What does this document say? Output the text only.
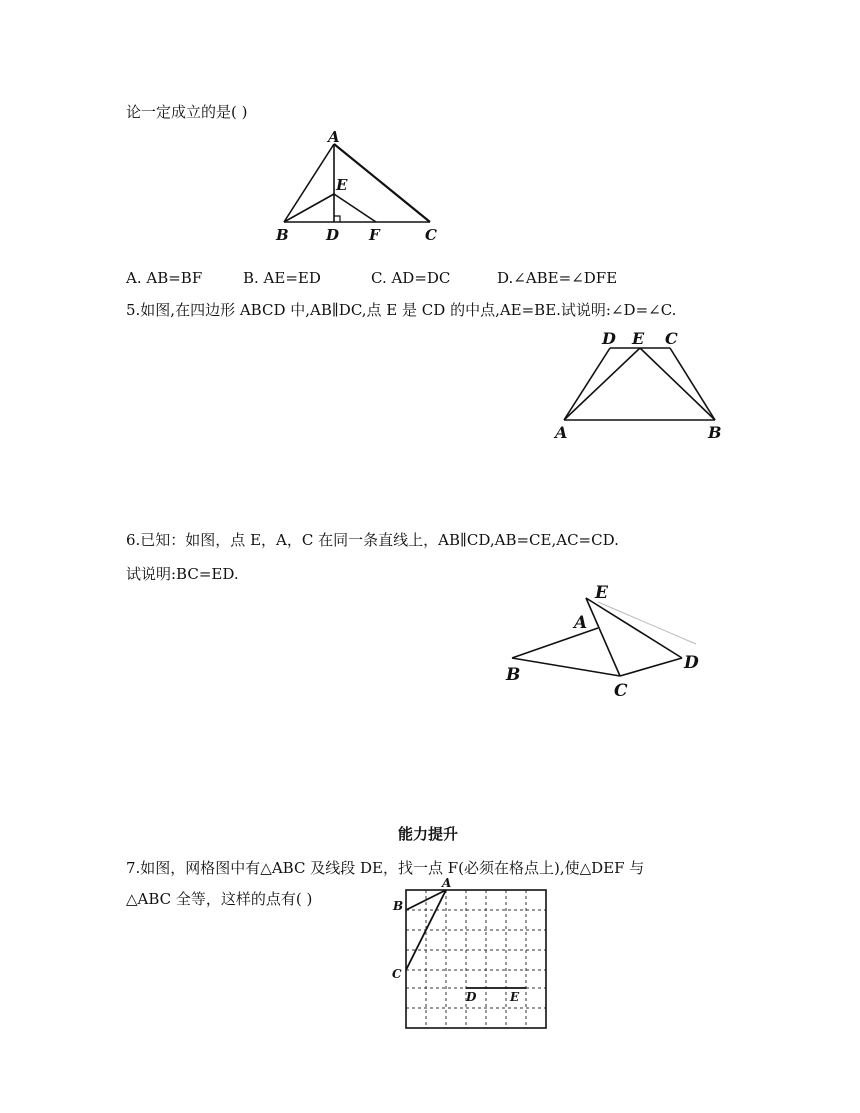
论一定成立的是( )
A
E
B D F	C
A. AB=BF	B. AE=ED	C. AD=DC	D.∠ABE=∠DFE
5.如图,在四边形 ABCD 中,AB∥DC,点 E 是 CD 的中点,AE=BE.试说明:∠D=∠C.
D E C
A	B
6.已知：如图，点 E，A，C 在同一条直线上，AB∥CD,AB=CE,AC=CD.
试说明:BC=ED.
E
A
B
C
D
能力提升
7.如图，网格图中有△ABC 及线段 DE，找一点 F(必须在格点上),使△DEF 与
△ABC 全等，这样的点有( )
A
B
C
D	E
